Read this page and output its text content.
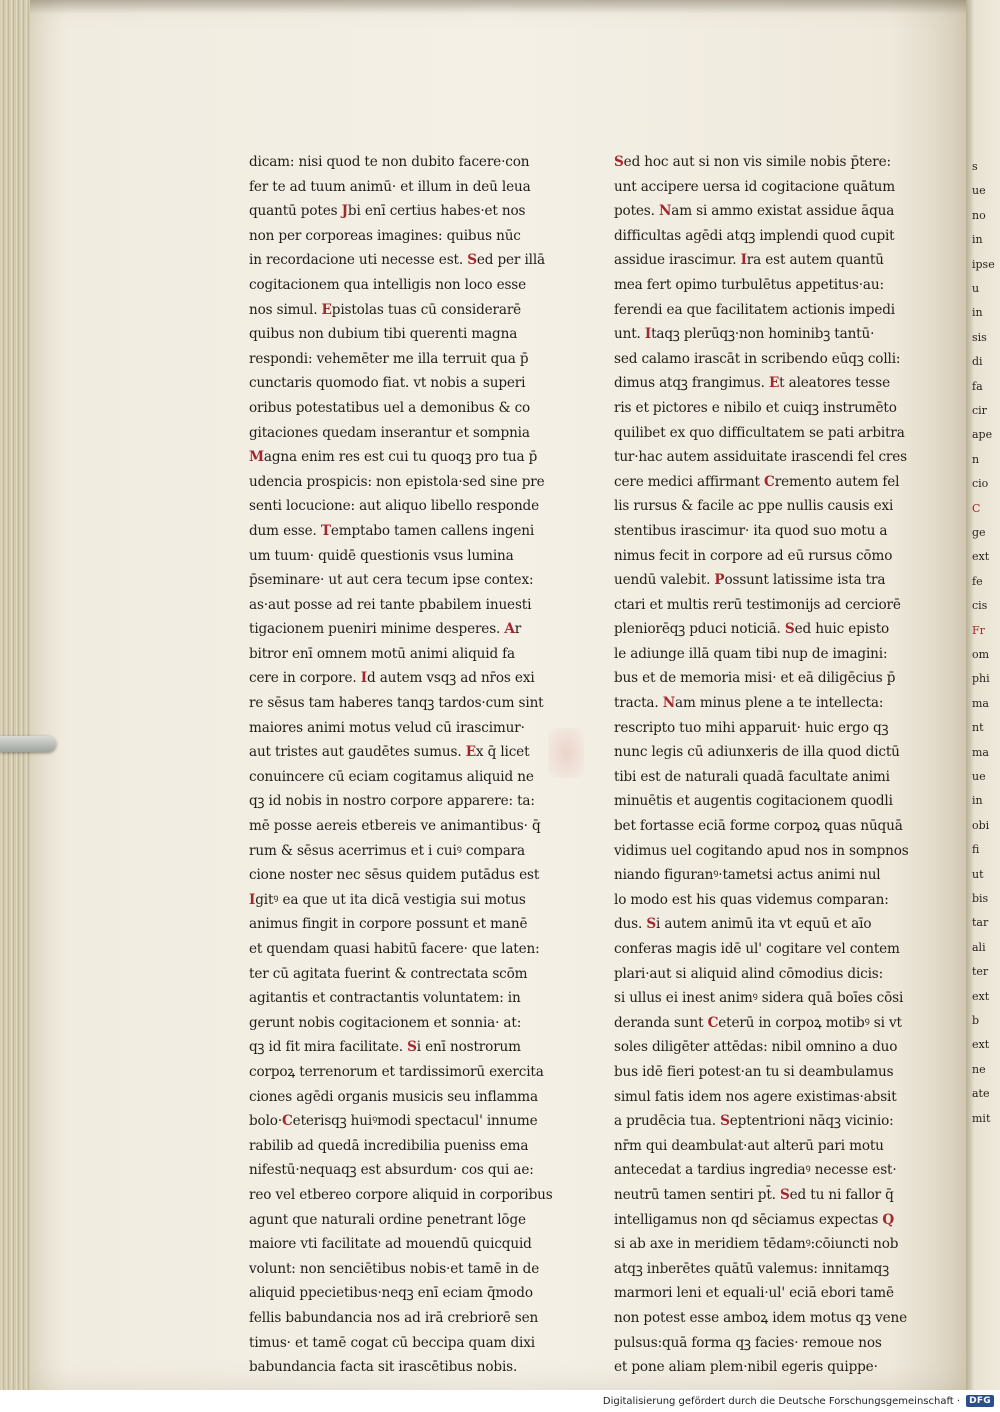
dicam: nisi quod te non dubito facere·con
fer te ad tuum animū· et illum in deū leua
quantū potes Jbi enī certius habes·et nos
non per corporeas imagines: quibus nūc
in recordacione uti necesse est. Sed per illā
cogitacionem qua intelligis non loco esse
nos simul. Epistolas tuas cū considerarē
quibus non dubium tibi querenti magna
respondi: vehemēter me illa terruit qua p̄
cunctaris quomodo fiat. vt nobis a superi
oribus potestatibus uel a demonibus & co
gitaciones quedam inserantur et sompnia
Magna enim res est cui tu quoqꝫ pro tua p̄
udencia prospicis: non epistola·sed sine pre
senti locucione: aut aliquo libello responde
dum esse. Temptabo tamen callens ingeni
um tuum· quidē questionis vsus lumina
p̄seminare· ut aut cera tecum ipse contex:
as·aut posse ad rei tante pbabilem inuesti
tigacionem pueniri minime desperes. Ar
bitror enī omnem motū animi aliquid fa
cere in corpore. Id autem vsqꝫ ad nr̄os exi
re sēsus tam haberes tanqꝫ tardos·cum sint
maiores animi motus velud cū irascimur·
aut tristes aut gaudētes sumus. Ex q̄ licet
conuincere cū eciam cogitamus aliquid ne
qꝫ id nobis in nostro corpore apparere: ta:
mē posse aereis etbereis ve animantibus· q̄
rum & sēsus acerrimus et i cuiꝰ compara
cione noster nec sēsus quidem putādus est
Igitꝰ ea que ut ita dicā vestigia sui motus
animus fingit in corpore possunt et manē
et quendam quasi habitū facere· que laten:
ter cū agitata fuerint & contrectata scōm
agitantis et contractantis voluntatem: in
gerunt nobis cogitacionem et sonnia· at:
qꝫ id fit mira facilitate. Si enī nostrorum
corpoꝝ terrenorum et tardissimorū exercita
ciones agēdi organis musicis seu inflamma
bolo·Ceterisqꝫ huiꝰmodi spectacul' innume
rabilib ad quedā incredibilia pueniss ema
nifestū·nequaqꝫ est absurdum· cos qui ae:
reo vel etbereo corpore aliquid in corporibus
agunt que naturali ordine penetrant lōge
maiore vti facilitate ad mouendū quicquid
volunt: non senciētibus nobis·et tamē in de
aliquid ppecietibus·neqꝫ enī eciam q̄modo
fellis babundancia nos ad irā crebriorē sen
timus· et tamē cogat cū beccipa quam dixi
babundancia facta sit irascētibus nobis.
Sed hoc aut si non vis simile nobis p̄tere:
unt accipere uersa id cogitacione quātum
potes. Nam si ammo existat assidue āqua
difficultas agēdi atqꝫ implendi quod cupit
assidue irascimur. Ira est autem quantū
mea fert opimo turbulētus appetitus·au:
ferendi ea que facilitatem actionis impedi
unt. Itaqꝫ plerūqꝫ·non hominibꝫ tantū·
sed calamo irascāt in scribendo eūqꝫ colli:
dimus atqꝫ frangimus. Et aleatores tesse
ris et pictores e nibilo et cuiqꝫ instrumēto
quilibet ex quo difficultatem se pati arbitra
tur·hac autem assiduitate irascendi fel cres
cere medici affirmant Cremento autem fel
lis rursus & facile ac ppe nullis causis exi
stentibus irascimur· ita quod suo motu a
nimus fecit in corpore ad eū rursus cōmo
uendū valebit. Possunt latissime ista tra
ctari et multis rerū testimonijs ad cerciorē
pleniorēqꝫ pduci noticiā. Sed huic episto
le adiunge illā quam tibi nup de imagini:
bus et de memoria misi· et eā diligēcius p̄
tracta. Nam minus plene a te intellecta:
rescripto tuo mihi apparuit· huic ergo qꝫ
nunc legis cū adiunxeris de illa quod dictū
tibi est de naturali quadā facultate animi
minuētis et augentis cogitacionem quodli
bet fortasse eciā forme corpoꝝ quas nūquā
vidimus uel cogitando apud nos in sompnos
niando figuranꝰ·tametsi actus animi nul
lo modo est his quas videmus comparan:
dus. Si autem animū ita vt equū et aīo
conferas magis idē ul' cogitare vel contem
plari·aut si aliquid alind cōmodius dicis:
si ullus ei inest animꝰ sidera quā boīes cōsi
deranda sunt Ceterū in corpoꝝ motibꝰ si vt
soles diligēter attēdas: nibil omnino a duo
bus idē fieri potest·an tu si deambulamus
simul fatis idem nos agere existimas·absit
a prudēcia tua. Septentrioni nāqꝫ vicinio:
nr̄m qui deambulat·aut alterū pari motu
antecedat a tardius ingrediaꝰ necesse est·
neutrū tamen sentiri pt̄. Sed tu ni fallor q̄
intelligamus non qd sēciamus expectas Q
si ab axe in meridiem tēdamꝰ:cōiuncti nob
atqꝫ inberētes quātū valemus: innitamqꝫ
marmori leni et equali·ul' eciā ebori tamē
non potest esse amboꝝ idem motus qꝫ vene
pulsus:quā forma qꝫ facies· remoue nos
et pone aliam plem·nibil egeris quippe·
s
ue
no
in
ipse
u
in
sis
di
fa
cir
ape
n
cio
C
ge
ext
fe
cis
Fr
om
phi
ma
nt
ma
ue
in
obi
fi
ut
bis
tar
ali
ter
ext
b
ext
ne
ate
mit
Digitalisierung gefördert durch die Deutsche Forschungsgemeinschaft ·	DFG
